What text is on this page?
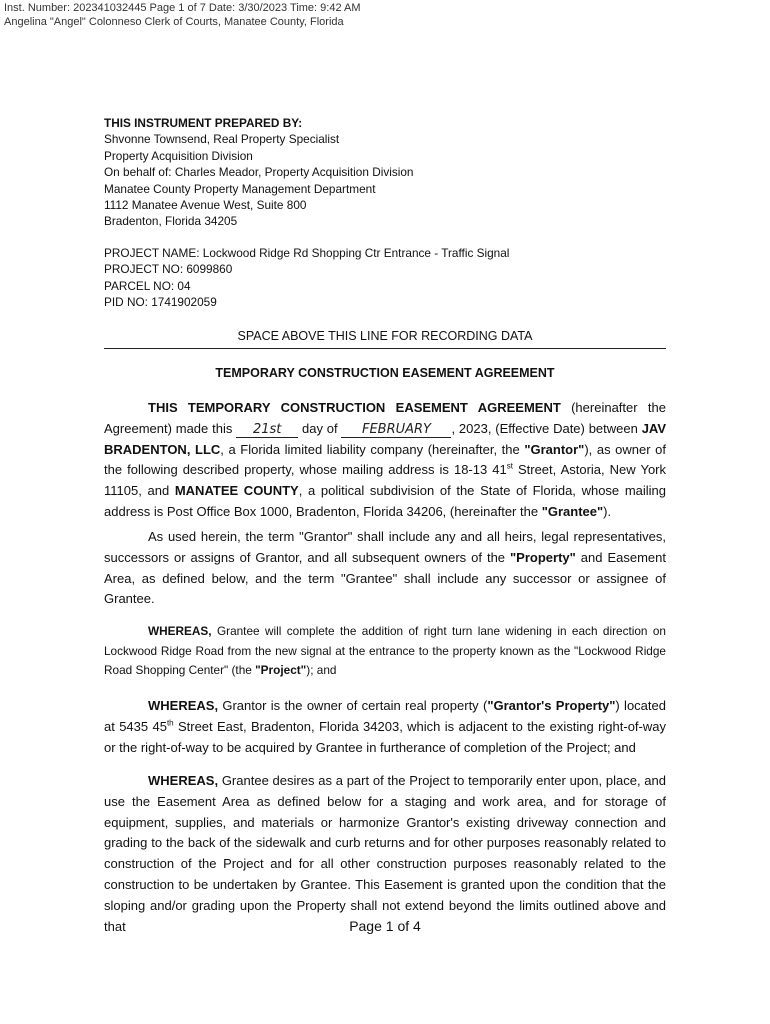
Inst. Number: 202341032445 Page 1 of 7 Date: 3/30/2023 Time: 9:42 AM
Angelina "Angel" Colonneso Clerk of Courts, Manatee County, Florida
THIS INSTRUMENT PREPARED BY:
Shvonne Townsend, Real Property Specialist
Property Acquisition Division
On behalf of: Charles Meador, Property Acquisition Division
Manatee County Property Management Department
1112 Manatee Avenue West, Suite 800
Bradenton, Florida 34205
PROJECT NAME: Lockwood Ridge Rd Shopping Ctr Entrance - Traffic Signal
PROJECT NO: 6099860
PARCEL NO: 04
PID NO: 1741902059
SPACE ABOVE THIS LINE FOR RECORDING DATA
TEMPORARY CONSTRUCTION EASEMENT AGREEMENT

THIS TEMPORARY CONSTRUCTION EASEMENT AGREEMENT (hereinafter the Agreement) made this 21st day of FEBRUARY , 2023, (Effective Date) between JAV BRADENTON, LLC, a Florida limited liability company (hereinafter, the "Grantor"), as owner of the following described property, whose mailing address is 18-13 41st Street, Astoria, New York 11105, and MANATEE COUNTY, a political subdivision of the State of Florida, whose mailing address is Post Office Box 1000, Bradenton, Florida 34206, (hereinafter the "Grantee").

As used herein, the term "Grantor" shall include any and all heirs, legal representatives, successors or assigns of Grantor, and all subsequent owners of the "Property" and Easement Area, as defined below, and the term "Grantee" shall include any successor or assignee of Grantee.

WHEREAS, Grantee will complete the addition of right turn lane widening in each direction on Lockwood Ridge Road from the new signal at the entrance to the property known as the "Lockwood Ridge Road Shopping Center" (the "Project"); and

WHEREAS, Grantor is the owner of certain real property ("Grantor's Property") located at 5435 45th Street East, Bradenton, Florida 34203, which is adjacent to the existing right-of-way or the right-of-way to be acquired by Grantee in furtherance of completion of the Project; and

WHEREAS, Grantee desires as a part of the Project to temporarily enter upon, place, and use the Easement Area as defined below for a staging and work area, and for storage of equipment, supplies, and materials or harmonize Grantor's existing driveway connection and grading to the back of the sidewalk and curb returns and for other purposes reasonably related to construction of the Project and for all other construction purposes reasonably related to the construction to be undertaken by Grantee. This Easement is granted upon the condition that the sloping and/or grading upon the Property shall not extend beyond the limits outlined above and that	Page 1 of 4
